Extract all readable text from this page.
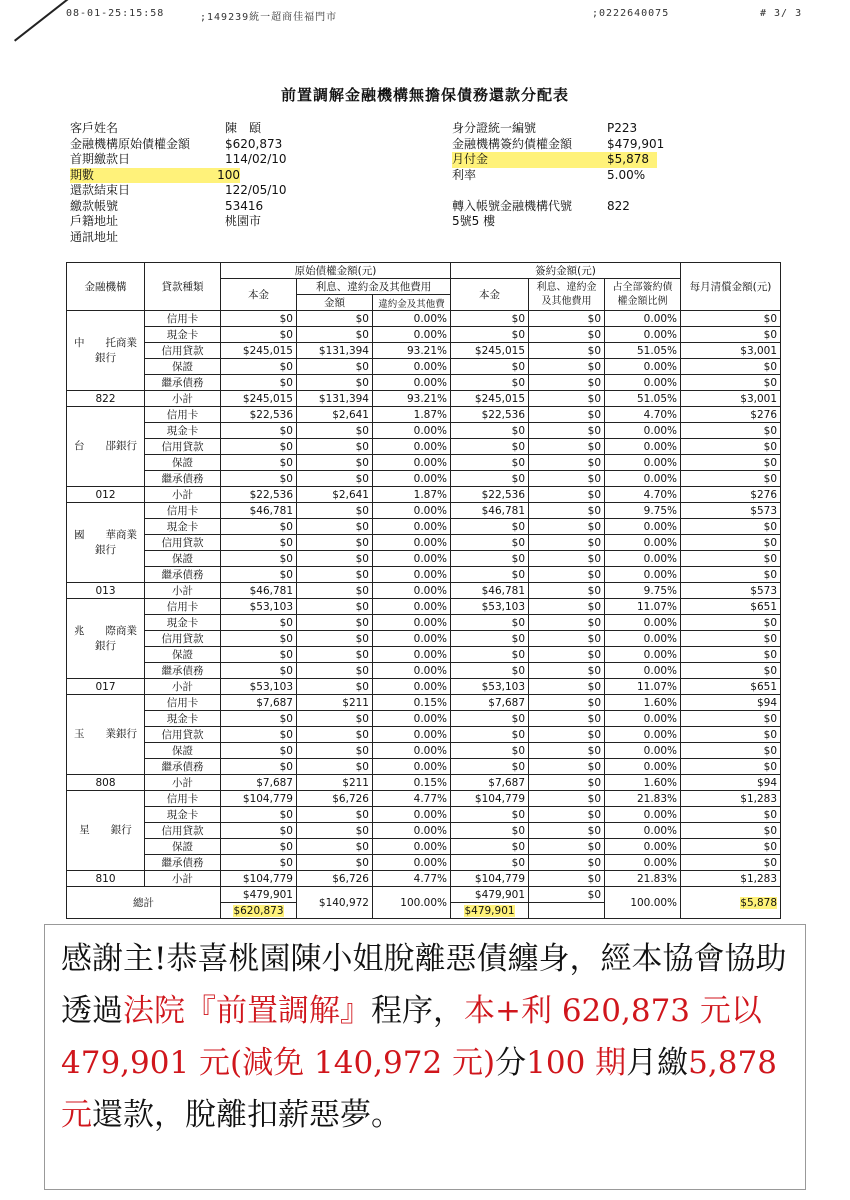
08-01-25:15:58	;149239統一超商佳福門市	;0222640075	# 3/ 3
前置調解金融機構無擔保債務還款分配表
客戶姓名	陳　頤
金融機構原始債權金額	$620,873
首期繳款日	114/02/10
期數	100
還款結束日	122/05/10
繳款帳號	53416
戶籍地址	桃園市
通訊地址
身分證統一編號	P223
金融機構簽約債權金額	$479,901
月付金	$5,878
利率	5.00%
轉入帳號金融機構代號	822
5號5 樓
金融機構	貸款種類	原始債權金額(元)			簽約金額(元)			每月清償金額(元)
		本金	利息、違約金及其他費用		本金	利息、違約金及其他費用	占全部簽約債權金額比例	
			金額	違約金及其他費				
中　　托商業銀行	信用卡	$0	$0	0.00%	$0	$0	0.00%	$0
	現金卡	$0	$0	0.00%	$0	$0	0.00%	$0
	信用貸款	$245,015	$131,394	93.21%	$245,015	$0	51.05%	$3,001
	保證	$0	$0	0.00%	$0	$0	0.00%	$0
	繼承債務	$0	$0	0.00%	$0	$0	0.00%	$0
822	小計	$245,015	$131,394	93.21%	$245,015	$0	51.05%	$3,001
台　　郘銀行	信用卡	$22,536	$2,641	1.87%	$22,536	$0	4.70%	$276
	現金卡	$0	$0	0.00%	$0	$0	0.00%	$0
	信用貸款	$0	$0	0.00%	$0	$0	0.00%	$0
	保證	$0	$0	0.00%	$0	$0	0.00%	$0
	繼承債務	$0	$0	0.00%	$0	$0	0.00%	$0
012	小計	$22,536	$2,641	1.87%	$22,536	$0	4.70%	$276
國　　華商業銀行	信用卡	$46,781	$0	0.00%	$46,781	$0	9.75%	$573
	現金卡	$0	$0	0.00%	$0	$0	0.00%	$0
	信用貸款	$0	$0	0.00%	$0	$0	0.00%	$0
	保證	$0	$0	0.00%	$0	$0	0.00%	$0
	繼承債務	$0	$0	0.00%	$0	$0	0.00%	$0
013	小計	$46,781	$0	0.00%	$46,781	$0	9.75%	$573
兆　　際商業銀行	信用卡	$53,103	$0	0.00%	$53,103	$0	11.07%	$651
	現金卡	$0	$0	0.00%	$0	$0	0.00%	$0
	信用貸款	$0	$0	0.00%	$0	$0	0.00%	$0
	保證	$0	$0	0.00%	$0	$0	0.00%	$0
	繼承債務	$0	$0	0.00%	$0	$0	0.00%	$0
017	小計	$53,103	$0	0.00%	$53,103	$0	11.07%	$651
玉　　業銀行	信用卡	$7,687	$211	0.15%	$7,687	$0	1.60%	$94
	現金卡	$0	$0	0.00%	$0	$0	0.00%	$0
	信用貸款	$0	$0	0.00%	$0	$0	0.00%	$0
	保證	$0	$0	0.00%	$0	$0	0.00%	$0
	繼承債務	$0	$0	0.00%	$0	$0	0.00%	$0
808	小計	$7,687	$211	0.15%	$7,687	$0	1.60%	$94
星　　銀行	信用卡	$104,779	$6,726	4.77%	$104,779	$0	21.83%	$1,283
	現金卡	$0	$0	0.00%	$0	$0	0.00%	$0
	信用貸款	$0	$0	0.00%	$0	$0	0.00%	$0
	保證	$0	$0	0.00%	$0	$0	0.00%	$0
	繼承債務	$0	$0	0.00%	$0	$0	0.00%	$0
810	小計	$104,779	$6,726	4.77%	$104,779	$0	21.83%	$1,283
總計		$479,901	$140,972	100.00%	$479,901	$0	100.00%	$5,878
		$620,873			$479,901			

感謝主!恭喜桃園陳小姐脫離惡債纏身，經本協會協助透過法院『前置調解』程序，本+利 620,873 元以 479,901 元(減免 140,972 元)分100 期月繳5,878 元還款，脫離扣薪惡夢。
